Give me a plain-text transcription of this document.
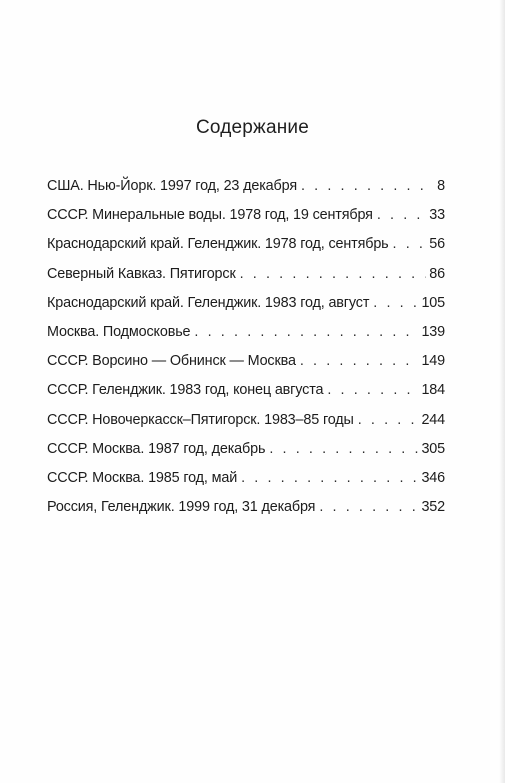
Содержание
США. Нью-Йорк. 1997 год, 23 декабря . . .	8
СССР. Минеральные воды. 1978 год, 19 сентября . . .	33
Краснодарский край. Геленджик. 1978 год, сентябрь . . .	56
Северный Кавказ. Пятигорск . . .	86
Краснодарский край. Геленджик. 1983 год, август . . .	105
Москва. Подмосковье . . .	139
СССР. Ворсино — Обнинск — Москва . . .	149
СССР. Геленджик. 1983 год, конец августа . . .	184
СССР. Новочеркасск–Пятигорск. 1983–85 годы . . .	244
СССР. Москва. 1987 год, декабрь . . .	305
СССР. Москва. 1985 год, май . . .	346
Россия, Геленджик. 1999 год, 31 декабря . . .	352
